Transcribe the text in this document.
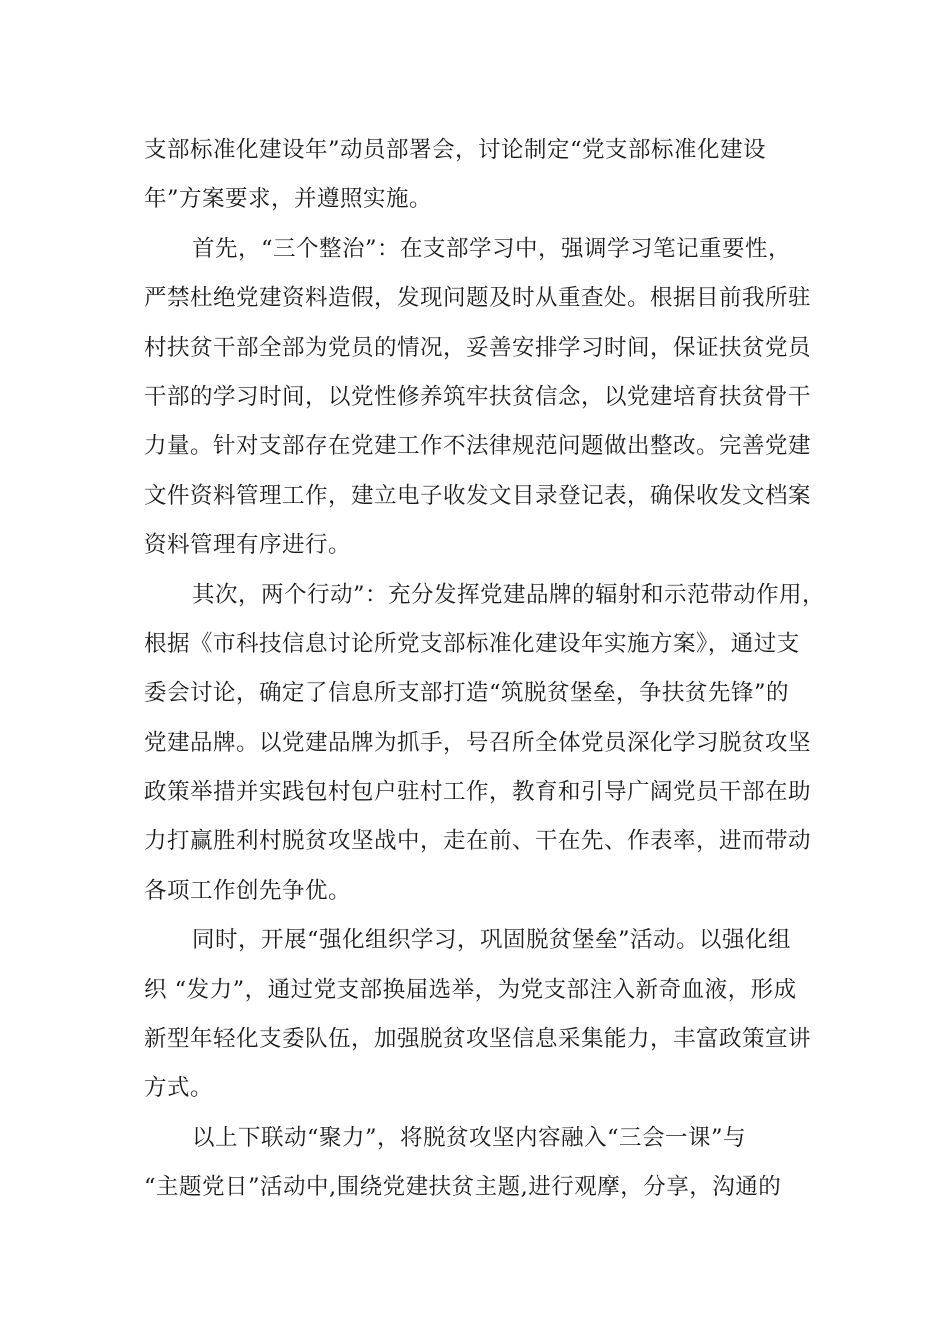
支部标准化建设年”动员部署会，讨论制定“党支部标准化建设
年”方案要求，并遵照实施。
首先，“三个整治”：在支部学习中，强调学习笔记重要性，
严禁杜绝党建资料造假，发现问题及时从重查处。根据目前我所驻
村扶贫干部全部为党员的情况，妥善安排学习时间，保证扶贫党员
干部的学习时间，以党性修养筑牢扶贫信念，以党建培育扶贫骨干
力量。针对支部存在党建工作不法律规范问题做出整改。完善党建
文件资料管理工作，建立电子收发文目录登记表，确保收发文档案
资料管理有序进行。
其次，两个行动”：充分发挥党建品牌的辐射和示范带动作用，
根据《市科技信息讨论所党支部标准化建设年实施方案》，通过支
委会讨论，确定了信息所支部打造“筑脱贫堡垒，争扶贫先锋”的
党建品牌。以党建品牌为抓手，号召所全体党员深化学习脱贫攻坚
政策举措并实践包村包户驻村工作，教育和引导广阔党员干部在助
力打赢胜利村脱贫攻坚战中，走在前、干在先、作表率，进而带动
各项工作创先争优。
同时，开展“强化组织学习，巩固脱贫堡垒”活动。以强化组
织 “发力”，通过党支部换届选举，为党支部注入新奇血液，形成
新型年轻化支委队伍，加强脱贫攻坚信息采集能力，丰富政策宣讲
方式。
以上下联动“聚力”，将脱贫攻坚内容融入“三会一课”与
“主题党日”活动中,围绕党建扶贫主题,进行观摩，分享，沟通的
